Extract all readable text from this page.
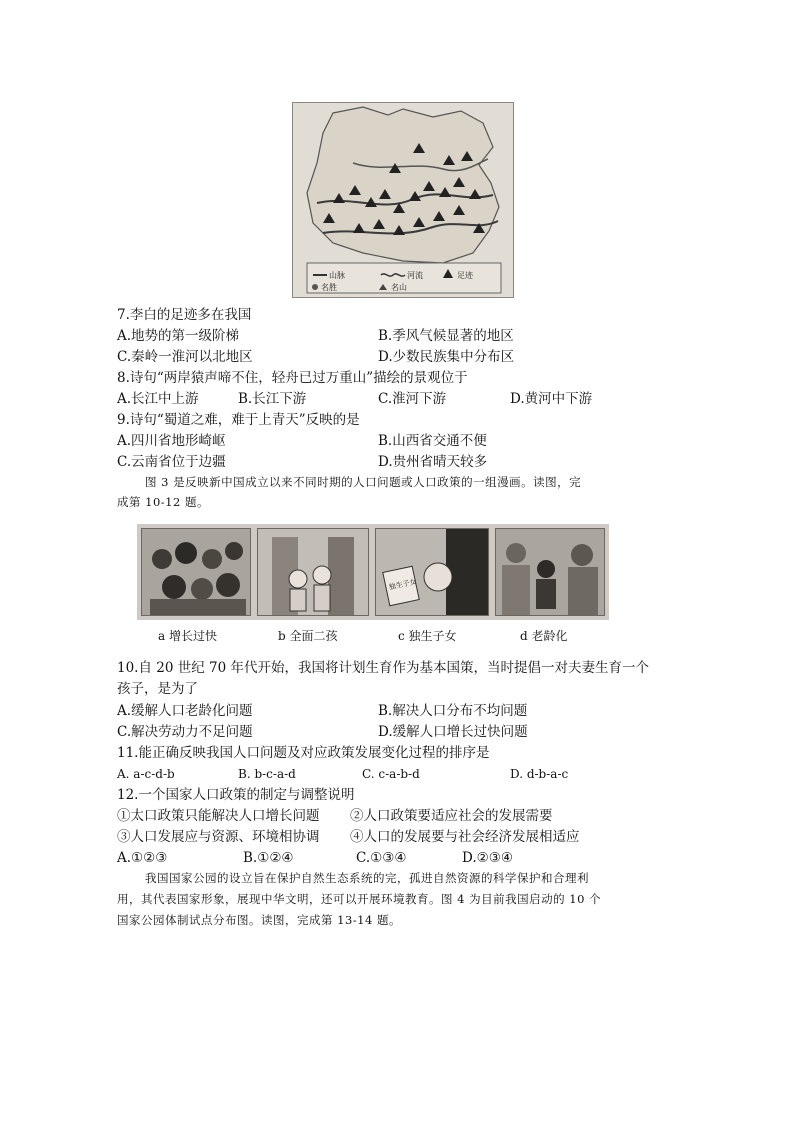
山脉	河流	足迹
名胜	名山
7.李白的足迹多在我国
A.地势的第一级阶梯	B.季风气候显著的地区
C.秦岭一淮河以北地区	D.少数民族集中分布区
8.诗句“两岸猿声啼不住，轻舟已过万重山”描绘的景观位于
A.长江中上游	B.长江下游	C.淮河下游	D.黄河中下游
9.诗句“蜀道之难，难于上青天”反映的是
A.四川省地形崎岖	B.山西省交通不便
C.云南省位于边疆	D.贵州省晴天较多
图 3 是反映新中国成立以来不同时期的人口问题或人口政策的一组漫画。读图，完
成第 10-12 题。
独生子女
a 增长过快	b 全面二孩	c 独生子女	d 老龄化
10.自 20 世纪 70 年代开始，我国将计划生育作为基本国策，当时提倡一对夫妻生育一个
孩子，是为了
A.缓解人口老龄化问题	B.解决人口分布不均问题
C.解决劳动力不足问题	D.缓解人口增长过快问题
11.能正确反映我国人口问题及对应政策发展变化过程的排序是
A. a-c-d-b	B. b-c-a-d	C. c-a-b-d	D. d-b-a-c
12.一个国家人口政策的制定与调整说明
①太口政策只能解决人口增长问题 ②人口政策要适应社会的发展需要
③人口发展应与资源、环境相协调 ④人口的发展要与社会经济发展相适应
A.①②③	B.①②④	C.①③④	D.②③④
我国国家公园的设立旨在保护自然生态系统的完，孤进自然资源的科学保护和合理利
用，其代表国家形象，展现中华文明，还可以开展环境教育。图 4 为目前我国启动的 10 个
国家公园体制试点分布图。读图，完成第 13-14 题。
